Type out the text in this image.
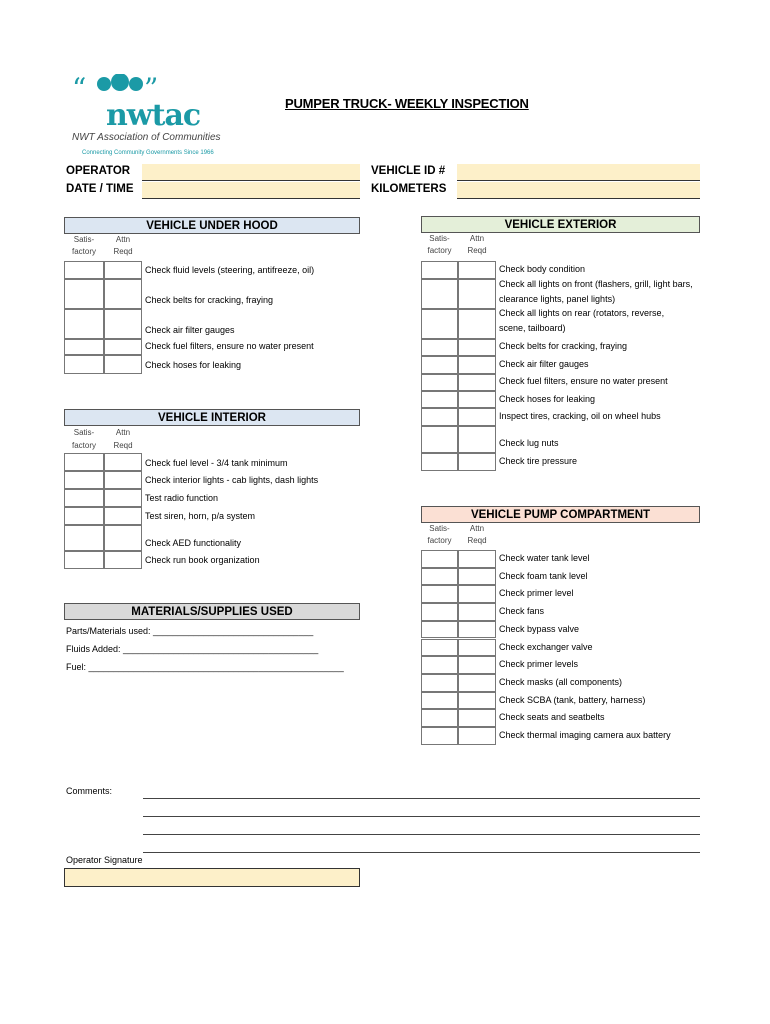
“ ”
nwtac
NWT Association of Communities
Connecting Community Governments Since 1966
PUMPER TRUCK- WEEKLY INSPECTION
OPERATOR
DATE / TIME
VEHICLE ID #
KILOMETERS
VEHICLE UNDER HOOD
Satis-
factory
Attn
Reqd
Check fluid levels (steering, antifreeze, oil)
Check belts for cracking, fraying
Check air filter gauges
Check fuel filters, ensure no water present
Check hoses for leaking
VEHICLE INTERIOR
Satis-
factory
Attn
Reqd
Check fuel level - 3/4 tank minimum
Check interior lights - cab lights, dash lights
Test radio function
Test siren, horn, p/a system
Check AED functionality
Check run book organization
MATERIALS/SUPPLIES USED
Parts/Materials used: ________________________________
Fluids Added: _______________________________________
Fuel: ___________________________________________________
VEHICLE EXTERIOR
Satis-
factory
Attn
Reqd
Check body condition
Check all lights on front (flashers, grill, light bars, clearance lights, panel lights)
Check all lights on rear (rotators, reverse, scene, tailboard)
Check belts for cracking, fraying
Check air filter gauges
Check fuel filters, ensure no water present
Check hoses for leaking
Inspect tires, cracking, oil on wheel hubs
Check lug nuts
Check tire pressure
VEHICLE PUMP COMPARTMENT
Satis-
factory
Attn
Reqd
Check water tank level
Check foam tank level
Check primer level
Check fans
Check bypass valve
Check exchanger valve
Check primer levels
Check masks (all components)
Check SCBA (tank, battery, harness)
Check seats and seatbelts
Check thermal imaging camera aux battery
Comments:
Operator Signature
